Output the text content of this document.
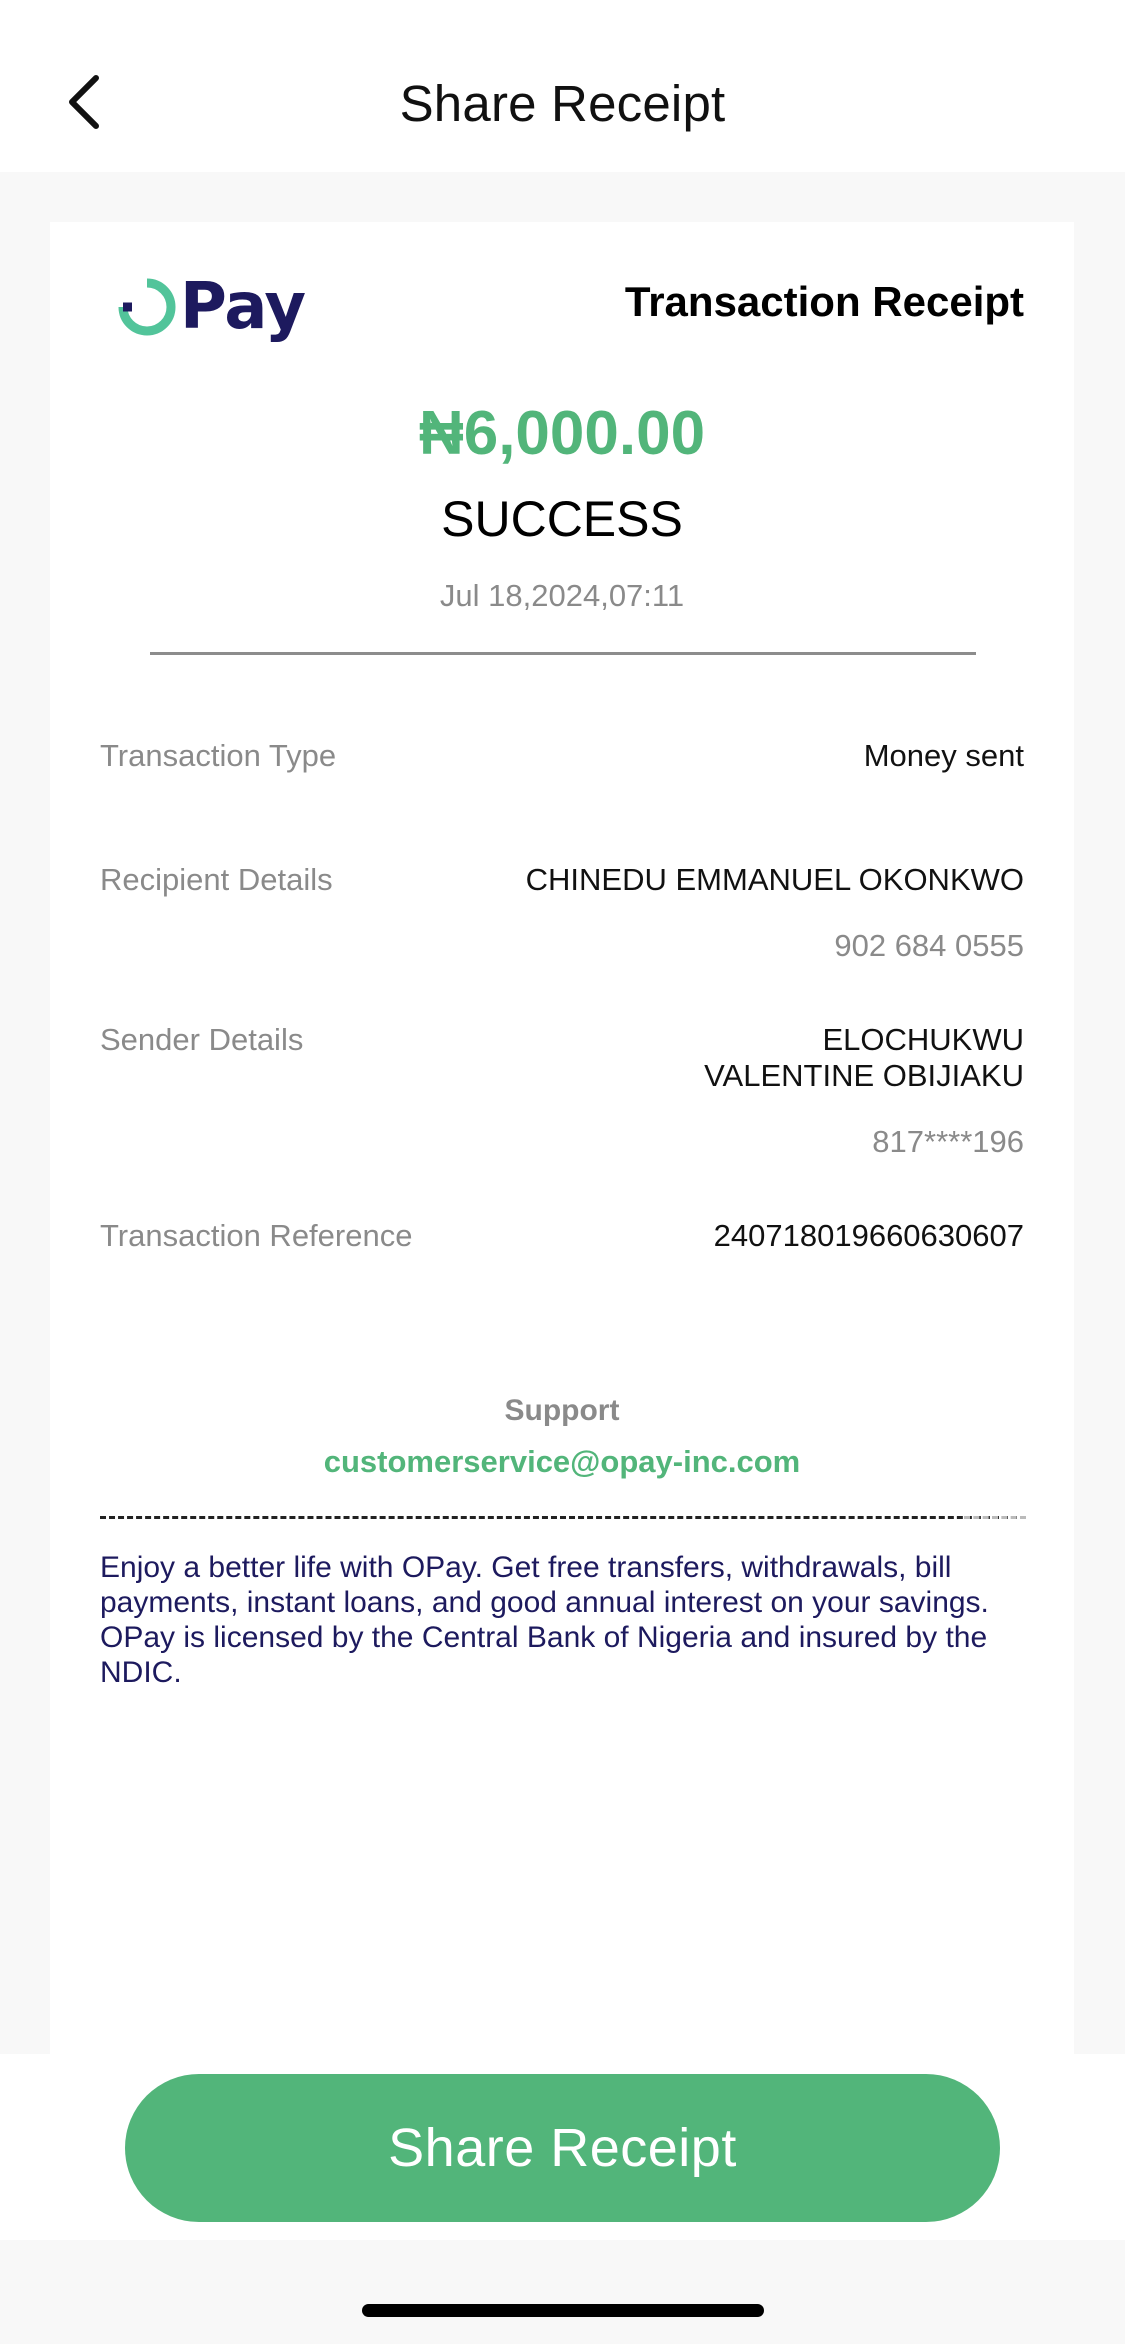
Share Receipt
Pay	Transaction Receipt
₦6,000.00
SUCCESS
Jul 18,2024,07:11
Transaction Type	Money sent
Recipient Details	CHINEDU EMMANUEL OKONKWO
902 684 0555
Sender Details	ELOCHUKWU
VALENTINE OBIJIAKU
817****196
Transaction Reference	240718019660630607
Support
customerservice@opay-inc.com
Enjoy a better life with OPay. Get free transfers, withdrawals, bill payments, instant loans, and good annual interest on your savings. OPay is licensed by the Central Bank of Nigeria and insured by the NDIC.
Share Receipt
